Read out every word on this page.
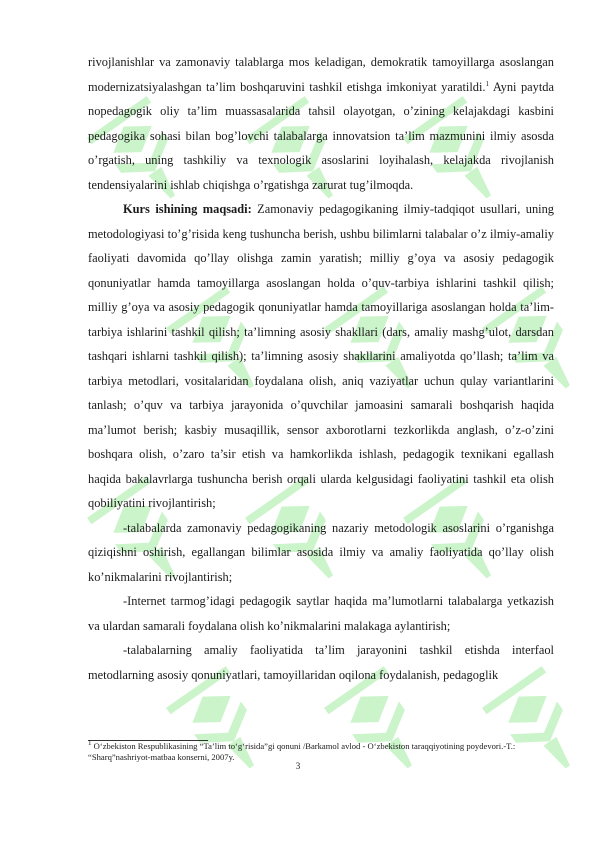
rivojlanishlar va zamonaviy talablarga mos keladigan, demokratik tamoyillarga asoslangan modernizatsiyalashgan ta’lim boshqaruvini tashkil etishga imkoniyat yaratildi.$^1$ Ayni paytda nopedagogik oliy ta’lim muassasalarida tahsil olayotgan, o’zining kelajakdagi kasbini pedagogika sohasi bilan bog’lovchi talabalarga innovatsion ta’lim mazmunini ilmiy asosda o’rgatish, uning tashkiliy va texnologik asoslarini loyihalash, kelajakda rivojlanish tendensiyalarini ishlab chiqishga o’rgatishga zarurat tug’ilmoqda.

Kurs ishining maqsadi: Zamonaviy pedagogikaning ilmiy-tadqiqot usullari, uning metodologiyasi to’g’risida keng tushuncha berish, ushbu bilimlarni talabalar o’z ilmiy-amaliy faoliyati davomida qo’llay olishga zamin yaratish; milliy g’oya va asosiy pedagogik qonuniyatlar hamda tamoyillarga asoslangan holda o’quv-tarbiya ishlarini tashkil qilish; milliy g’oya va asosiy pedagogik qonuniyatlar hamda tamoyillariga asoslangan holda ta’lim-tarbiya ishlarini tashkil qilish; ta’limning asosiy shakllari (dars, amaliy mashg’ulot, darsdan tashqari ishlarni tashkil qilish); ta’limning asosiy shakllarini amaliyotda qo’llash; ta’lim va tarbiya metodlari, vositalaridan foydalana olish, aniq vaziyatlar uchun qulay variantlarini tanlash; o’quv va tarbiya jarayonida o’quvchilar jamoasini samarali boshqarish haqida ma’lumot berish; kasbiy musaqillik, sensor axborotlarni tezkorlikda anglash, o’z-o’zini boshqara olish, o’zaro ta’sir etish va hamkorlikda ishlash, pedagogik texnikani egallash haqida bakalavrlarga tushuncha berish orqali ularda kelgusidagi faoliyatini tashkil eta olish qobiliyatini rivojlantirish;

-talabalarda zamonaviy pedagogikaning nazariy metodologik asoslarini o’rganishga qiziqishni oshirish, egallangan bilimlar asosida ilmiy va amaliy faoliyatida qo’llay olish ko’nikmalarini rivojlantirish;

-Internet tarmog’idagi pedagogik saytlar haqida ma’lumotlarni talabalarga yetkazish va ulardan samarali foydalana olish ko’nikmalarini malakaga aylantirish;

-talabalarning amaliy faoliyatida ta’lim jarayonini tashkil etishda interfaol metodlarning asosiy qonuniyatlari, tamoyillaridan oqilona foydalanish, pedagoglik

$^1$ O‘zbekiston Respublikasining “Ta’lim to‘g‘risida”gi qonuni /Barkamol avlod - O‘zbekiston taraqqiyotining poydevori.-T.: “Sharq”nashriyot-matbaa konserni, 2007y.
3
